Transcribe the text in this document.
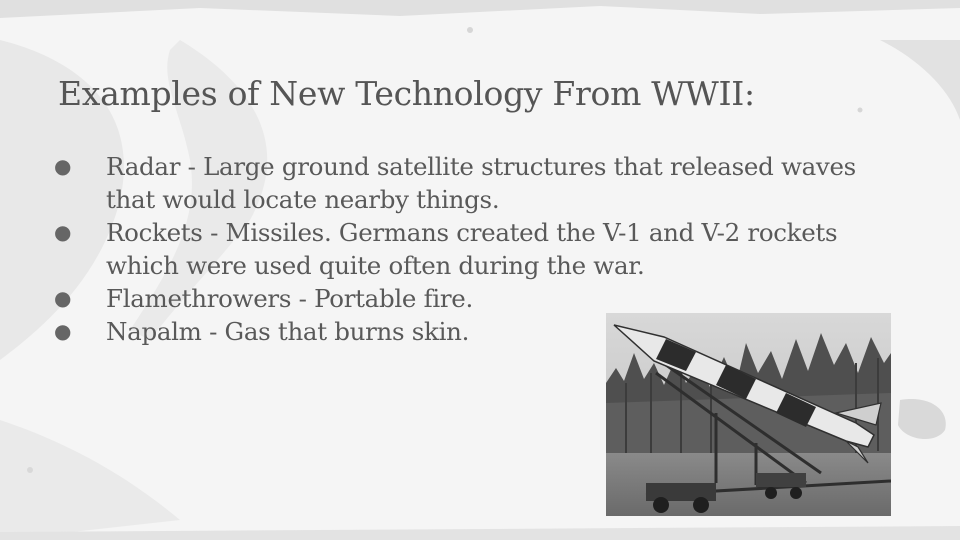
Examples of New Technology From WWII:
● Radar - Large ground satellite structures that released waves that would locate nearby things.
● Rockets - Missiles. Germans created the V-1 and V-2 rockets which were used quite often during the war.
● Flamethrowers - Portable fire.
● Napalm - Gas that burns skin.
